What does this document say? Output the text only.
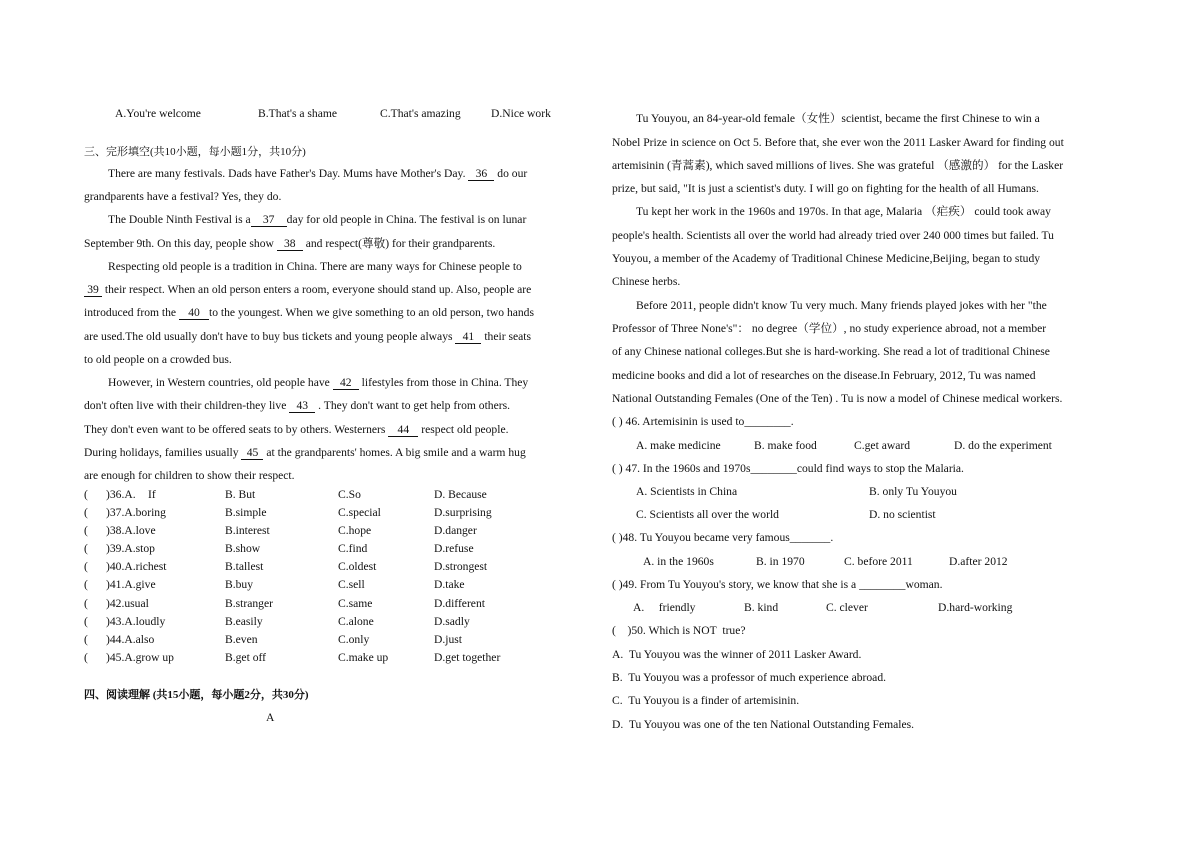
A.You're welcome	B.That's a shame	C.That's amazing	D.Nice work
三、完形填空(共10小题，每小题1分，共10分)
There are many festivals. Dads have Father's Day. Mums have Mother's Day. 36 do our
grandparents have a festival? Yes, they do.
The Double Ninth Festival is a 37 day for old people in China. The festival is on lunar
September 9th. On this day, people show 38 and respect(尊敬) for their grandparents.
Respecting old people is a tradition in China. There are many ways for Chinese people to
39 their respect. When an old person enters a room, everyone should stand up. Also, people are
introduced from the 40 to the youngest. When we give something to an old person, two hands
are used.The old usually don't have to buy bus tickets and young people always 41 their seats
to old people on a crowded bus.
However, in Western countries, old people have 42 lifestyles from those in China. They
don't often live with their children-they live 43 . They don't want to get help from others.
They don't even want to be offered seats to by others. Westerners 44 respect old people.
During holidays, families usually 45 at the grandparents' homes. A big smile and a warm hug
are enough for children to show their respect.
( )36.A. If	B. But	C.So	D. Because
( )37.A.boring	B.simple	C.special	D.surprising
( )38.A.love	B.interest	C.hope	D.danger
( )39.A.stop	B.show	C.find	D.refuse
( )40.A.richest	B.tallest	C.oldest	D.strongest
( )41.A.give	B.buy	C.sell	D.take
( )42.usual	B.stranger	C.same	D.different
( )43.A.loudly	B.easily	C.alone	D.sadly
( )44.A.also	B.even	C.only	D.just
( )45.A.grow up	B.get off	C.make up	D.get together
四、阅读理解 (共15小题，每小题2分，共30分)
A
Tu Youyou, an 84-year-old female（女性）scientist, became the first Chinese to win a
Nobel Prize in science on Oct 5. Before that, she ever won the 2011 Lasker Award for finding out
artemisinin (青蒿素), which saved millions of lives. She was grateful （感激的） for the Lasker
prize, but said, "It is just a scientist's duty. I will go on fighting for the health of all Humans.
Tu kept her work in the 1960s and 1970s. In that age, Malaria （疟疾） could took away
people's health. Scientists all over the world had already tried over 240 000 times but failed. Tu
Youyou, a member of the Academy of Traditional Chinese Medicine,Beijing, began to study
Chinese herbs.
Before 2011, people didn't know Tu very much. Many friends played jokes with her "the
Professor of Three None's"： no degree（学位）, no study experience abroad, not a member
of any Chinese national colleges.But she is hard-working. She read a lot of traditional Chinese
medicine books and did a lot of researches on the disease.In February, 2012, Tu was named
National Outstanding Females (One of the Ten) . Tu is now a model of Chinese medical workers.
( ) 46. Artemisinin is used to________.
A. make medicine	B. make food	C.get award	D. do the experiment
( ) 47. In the 1960s and 1970s________could find ways to stop the Malaria.
A. Scientists in China	B. only Tu Youyou
C. Scientists all over the world	D. no scientist
( )48. Tu Youyou became very famous_______.
A. in the 1960s	B. in 1970	C. before 2011	D.after 2012
( )49. From Tu Youyou's story, we know that she is a ________woman.
A.     friendly	B. kind	C. clever	D.hard-working
(    )50. Which is NOT  true?
A.  Tu Youyou was the winner of 2011 Lasker Award.
B.  Tu Youyou was a professor of much experience abroad.
C.  Tu Youyou is a finder of artemisinin.
D.  Tu Youyou was one of the ten National Outstanding Females.
